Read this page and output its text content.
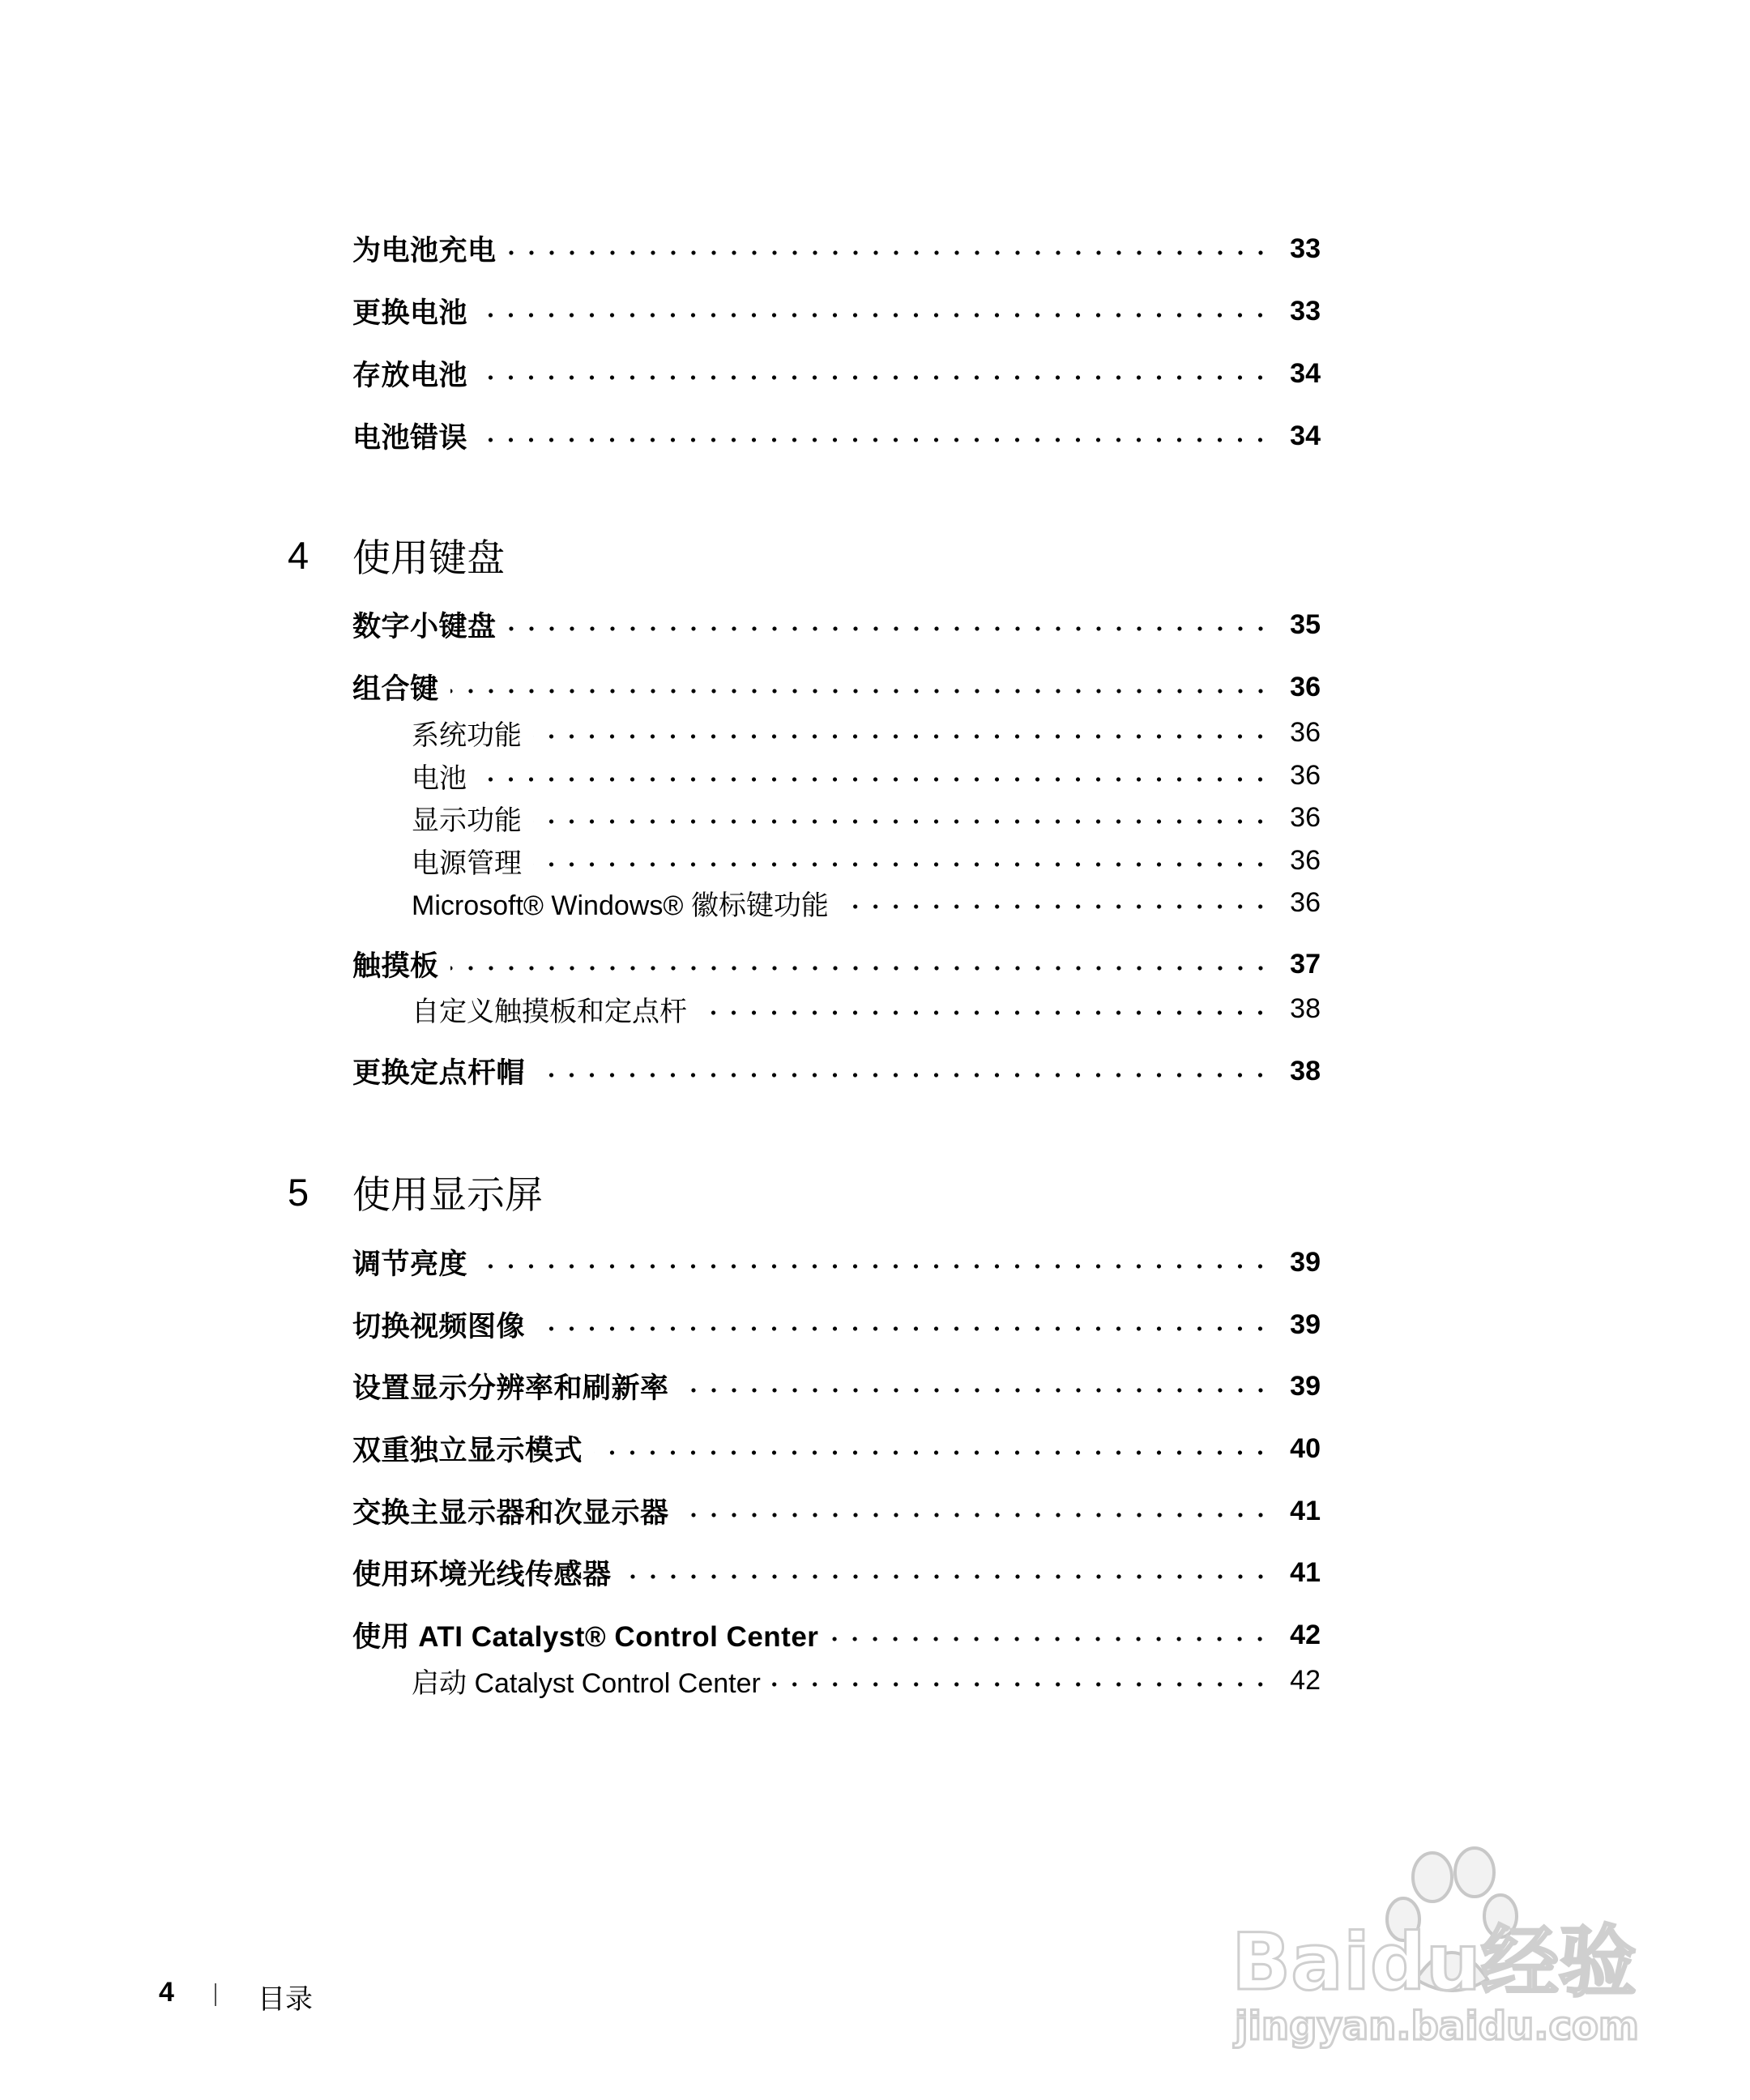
为电池充电	33
更换电池	33
存放电池	34
电池错误	34
4	使用键盘
数字小键盘	35
组合键	36
系统功能	36
电池	36
显示功能	36
电源管理	36
Microsoft® Windows® 徽标键功能	36
触摸板	37
自定义触摸板和定点杆	38
更换定点杆帽	38
5	使用显示屏
调节亮度	39
切换视频图像	39
设置显示分辨率和刷新率	39
双重独立显示模式	40
交换主显示器和次显示器	41
使用环境光线传感器	41
使用 ATI Catalyst® Control Center	42
启动 Catalyst Control Center	42
4	目录	Baidu经验
jingyan.baidu.com
